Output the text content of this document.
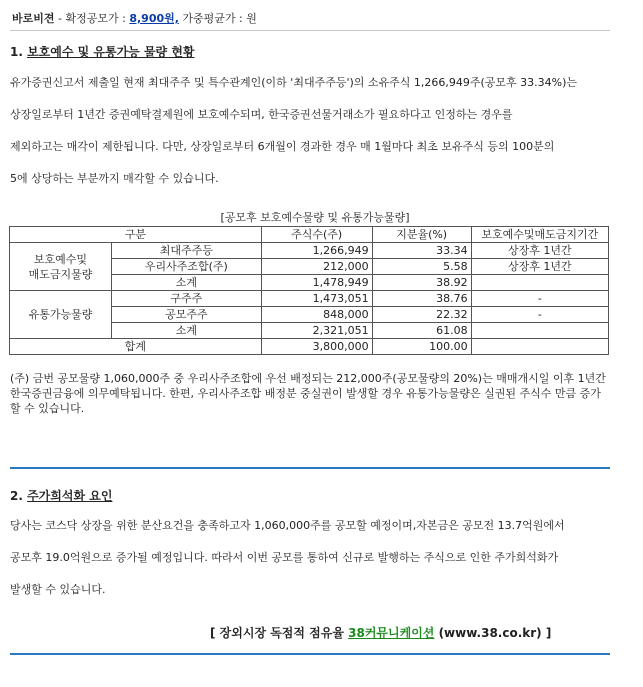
바로비젼 - 확정공모가 : 8,900원, 가중평균가 : 원
1. 보호예수 및 유통가능 물량 현황
유가증권신고서 제출일 현재 최대주주 및 특수관계인(이하 '최대주주등')의 소유주식 1,266,949주(공모후 33.34%)는
상장일로부터 1년간 증권예탁결제원에 보호예수되며, 한국증권선물거래소가 필요하다고 인정하는 경우를
제외하고는 매각이 제한됩니다. 다만, 상장일로부터 6개월이 경과한 경우 매 1월마다 최초 보유주식 등의 100분의
5에 상당하는 부분까지 매각할 수 있습니다.
[공모후 보호예수물량 및 유통가능물량]
구분		주식수(주)	지분율(%)	보호예수및매도금지기간

보호예수및
매도금지물량	최대주주등	1,266,949	33.34	상장후 1년간
	우리사주조합(주)	212,000	5.58	상장후 1년간
	소계	1,478,949	38.92	
유통가능물량	구주주	1,473,051	38.76	-
	공모주주	848,000	22.32	-
	소계	2,321,051	61.08	
합계		3,800,000	100.00	
(주) 금번 공모물량 1,060,000주 중 우리사주조합에 우선 배정되는 212,000주(공모물량의 20%)는 매매개시일 이후 1년간 한국증권금융에 의무예탁됩니다. 한편, 우리사주조합 배정분 중실권이 발생할 경우 유통가능물량은 실권된 주식수 만큼 증가할 수 있습니다.
2. 주가희석화 요인
당사는 코스닥 상장을 위한 분산요건을 충족하고자 1,060,000주를 공모할 예정이며,자본금은 공모전 13.7억원에서
공모후 19.0억원으로 증가될 예정입니다. 따라서 이번 공모를 통하여 신규로 발행하는 주식으로 인한 주가희석화가
발생할 수 있습니다.
[ 장외시장 독점적 점유율 38커뮤니케이션 (www.38.co.kr) ]
